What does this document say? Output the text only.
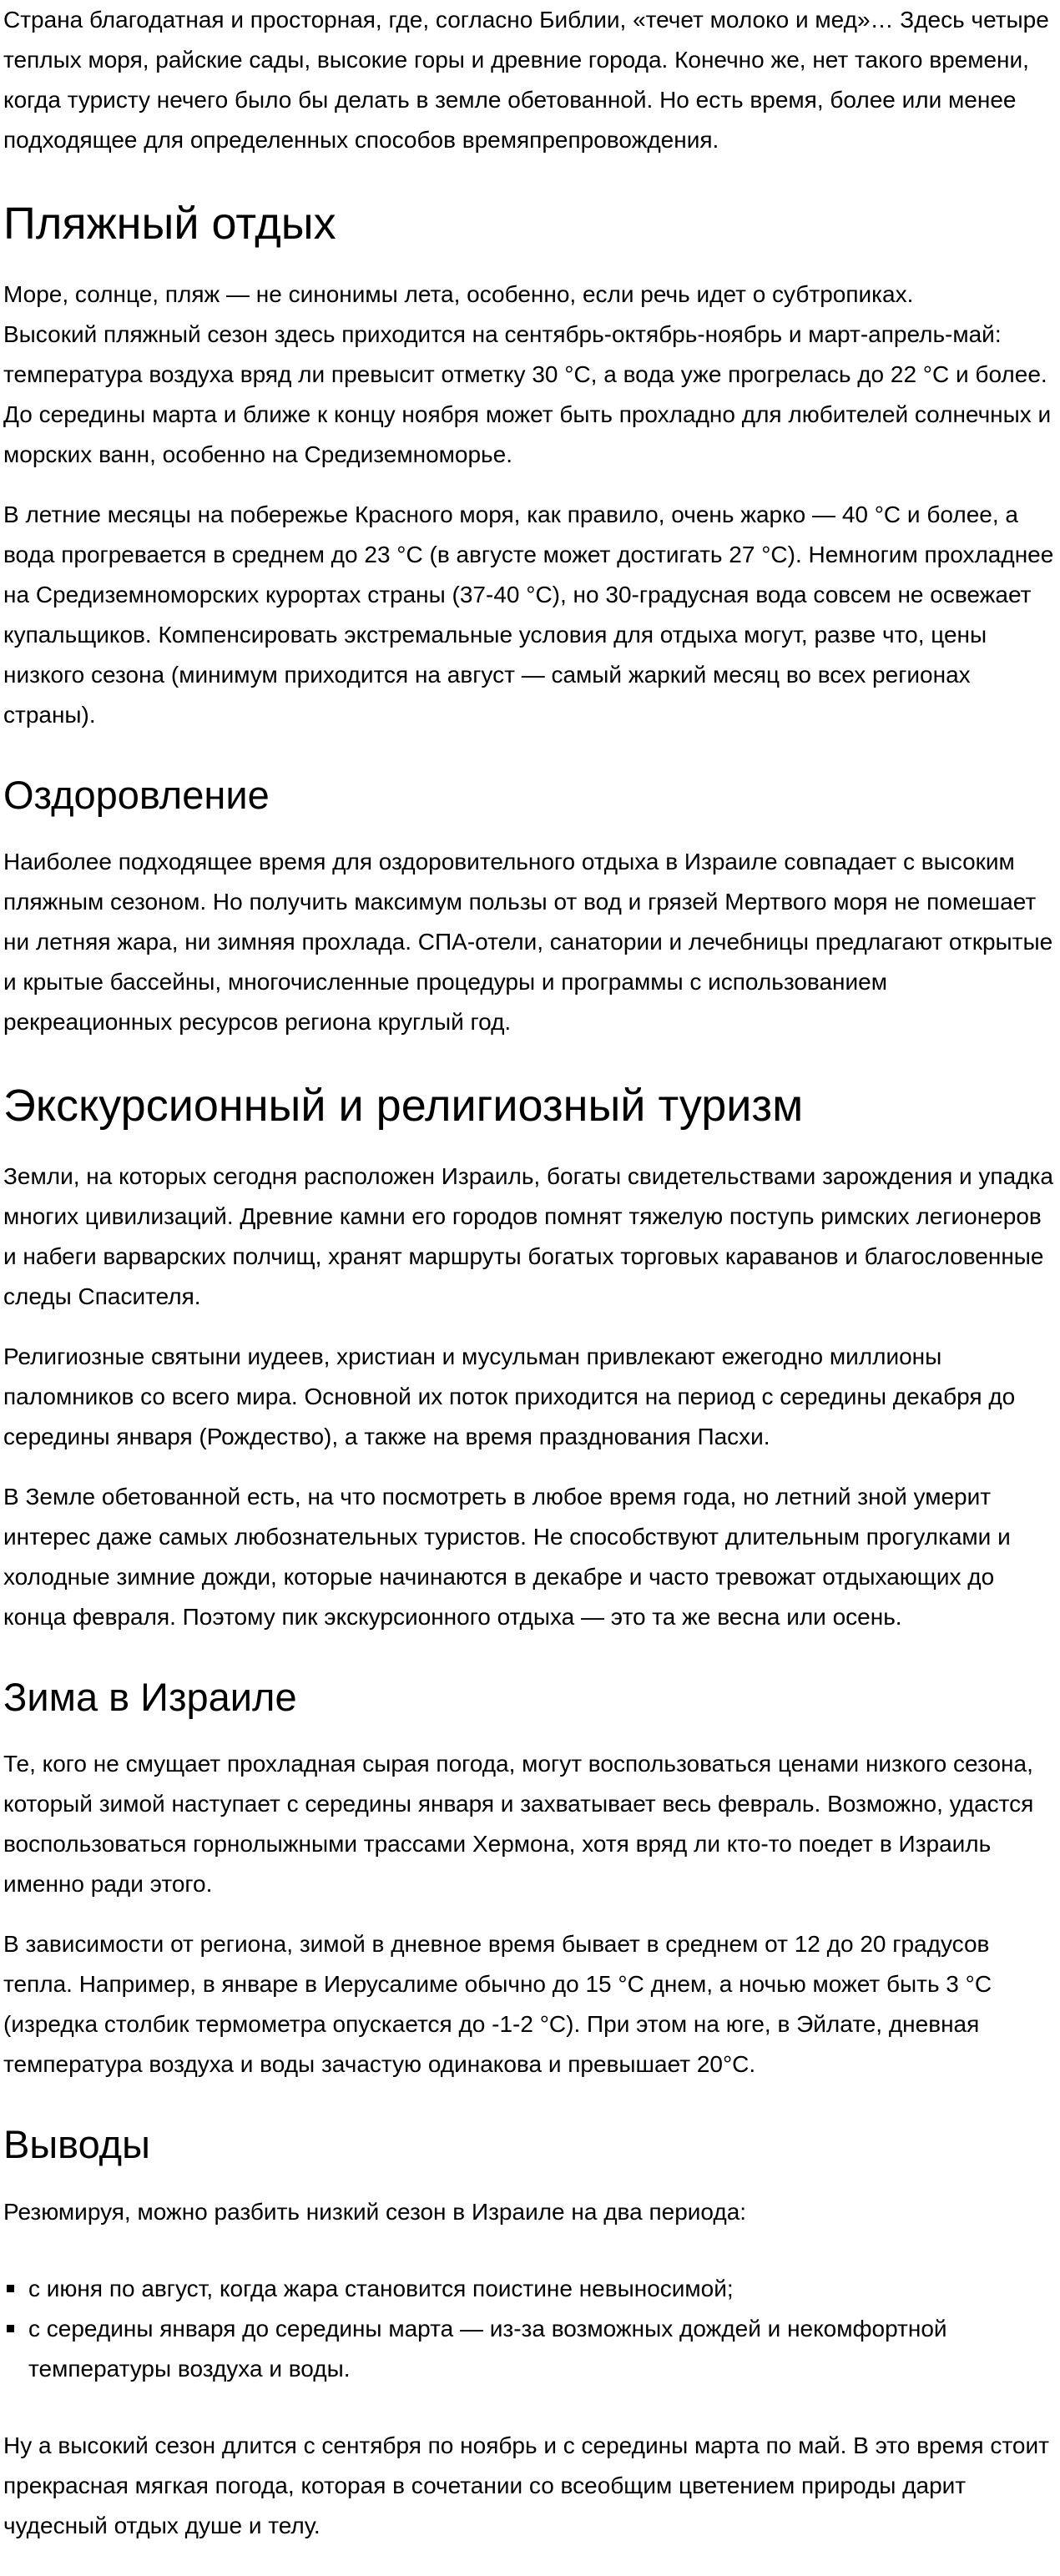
Страна благодатная и просторная, где, согласно Библии, «течет молоко и мед»… Здесь четыре теплых моря, райские сады, высокие горы и древние города. Конечно же, нет такого времени, когда туристу нечего было бы делать в земле обетованной. Но есть время, более или менее подходящее для определенных способов времяпрепровождения.

Пляжный отдых

Море, солнце, пляж — не синонимы лета, особенно, если речь идет о субтропиках.
Высокий пляжный сезон здесь приходится на сентябрь-октябрь-ноябрь и март-апрель-май: температура воздуха вряд ли превысит отметку 30 °C, а вода уже прогрелась до 22 °C и более. До середины марта и ближе к концу ноября может быть прохладно для любителей солнечных и морских ванн, особенно на Средиземноморье.

В летние месяцы на побережье Красного моря, как правило, очень жарко — 40 °C и более, а вода прогревается в среднем до 23 °C (в августе может достигать 27 °C). Немногим прохладнее на Средиземноморских курортах страны (37-40 °C), но 30-градусная вода совсем не освежает купальщиков. Компенсировать экстремальные условия для отдыха могут, разве что, цены низкого сезона (минимум приходится на август — самый жаркий месяц во всех регионах страны).

Оздоровление

Наиболее подходящее время для оздоровительного отдыха в Израиле совпадает с высоким пляжным сезоном. Но получить максимум пользы от вод и грязей Мертвого моря не помешает ни летняя жара, ни зимняя прохлада. СПА-отели, санатории и лечебницы предлагают открытые и крытые бассейны, многочисленные процедуры и программы с использованием рекреационных ресурсов региона круглый год.

Экскурсионный и религиозный туризм

Земли, на которых сегодня расположен Израиль, богаты свидетельствами зарождения и упадка многих цивилизаций. Древние камни его городов помнят тяжелую поступь римских легионеров и набеги варварских полчищ, хранят маршруты богатых торговых караванов и благословенные следы Спасителя.

Религиозные святыни иудеев, христиан и мусульман привлекают ежегодно миллионы паломников со всего мира. Основной их поток приходится на период с середины декабря до середины января (Рождество), а также на время празднования Пасхи.

В Земле обетованной есть, на что посмотреть в любое время года, но летний зной умерит интерес даже самых любознательных туристов. Не способствуют длительным прогулками и холодные зимние дожди, которые начинаются в декабре и часто тревожат отдыхающих до конца февраля. Поэтому пик экскурсионного отдыха — это та же весна или осень.

Зима в Израиле

Те, кого не смущает прохладная сырая погода, могут воспользоваться ценами низкого сезона, который зимой наступает с середины января и захватывает весь февраль. Возможно, удастся воспользоваться горнолыжными трассами Хермона, хотя вряд ли кто-то поедет в Израиль именно ради этого.

В зависимости от региона, зимой в дневное время бывает в среднем от 12 до 20 градусов тепла. Например, в январе в Иерусалиме обычно до 15 °C днем, а ночью может быть 3 °C (изредка столбик термометра опускается до -1-2 °C). При этом на юге, в Эйлате, дневная температура воздуха и воды зачастую одинакова и превышает 20°C.

Выводы

Резюмируя, можно разбить низкий сезон в Израиле на два периода:

с июня по август, когда жара становится поистине невыносимой;
с середины января до середины марта — из-за возможных дождей и некомфортной температуры воздуха и воды.

Ну а высокий сезон длится с сентября по ноябрь и с середины марта по май. В это время стоит прекрасная мягкая погода, которая в сочетании со всеобщим цветением природы дарит чудесный отдых душе и телу.
